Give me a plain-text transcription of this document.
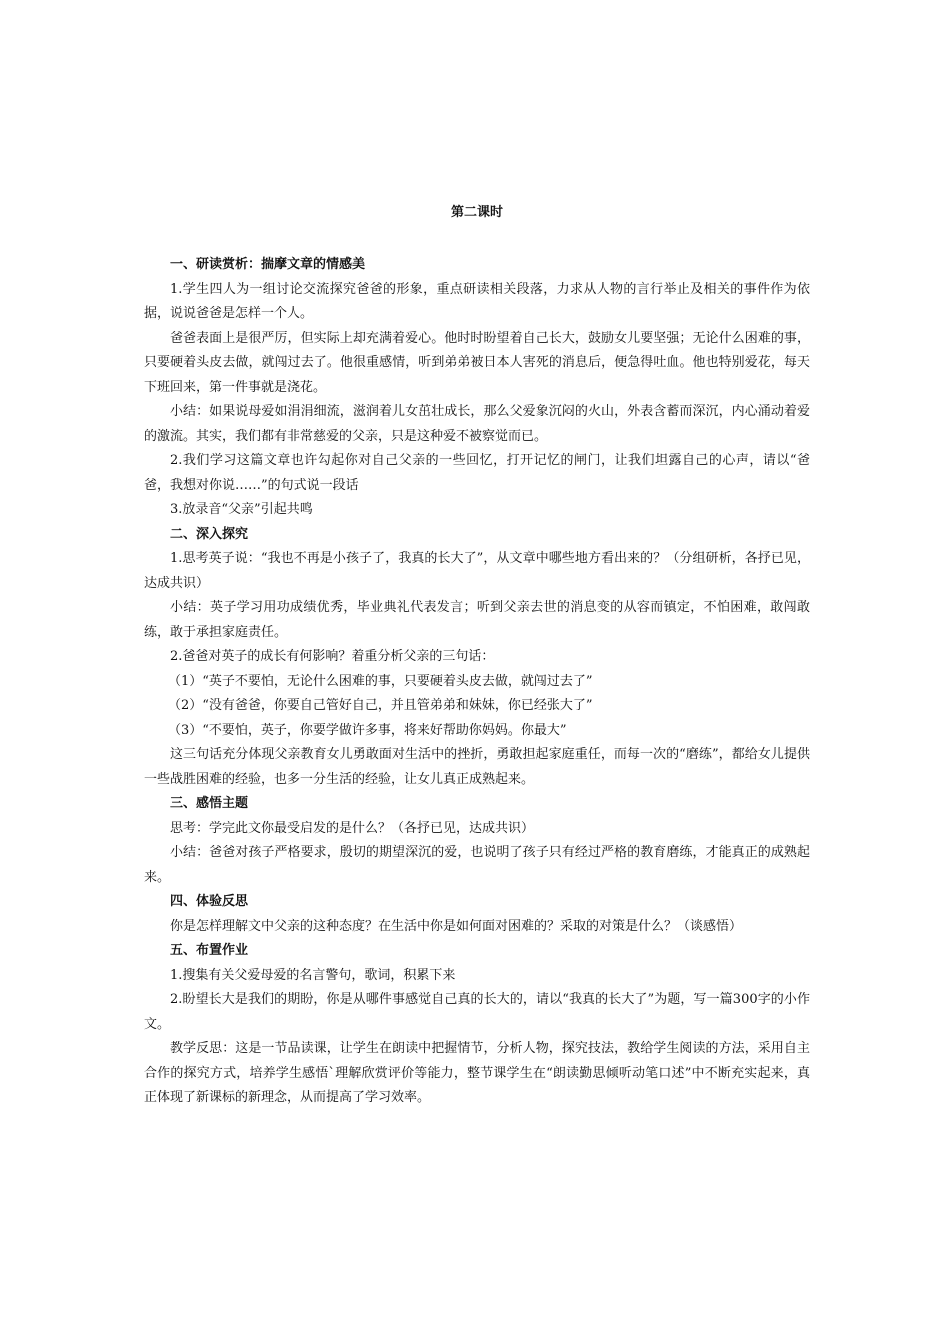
第二课时

一、研读赏析：揣摩文章的情感美

1.学生四人为一组讨论交流探究爸爸的形象，重点研读相关段落，力求从人物的言行举止及相关的事件作为依据，说说爸爸是怎样一个人。

爸爸表面上是很严厉，但实际上却充满着爱心。他时时盼望着自己长大，鼓励女儿要坚强；无论什么困难的事，只要硬着头皮去做，就闯过去了。他很重感情，听到弟弟被日本人害死的消息后，便急得吐血。他也特别爱花，每天下班回来，第一件事就是浇花。

小结：如果说母爱如涓涓细流，滋润着儿女茁壮成长，那么父爱象沉闷的火山，外表含蓄而深沉，内心涌动着爱的激流。其实，我们都有非常慈爱的父亲，只是这种爱不被察觉而已。

2.我们学习这篇文章也许勾起你对自己父亲的一些回忆，打开记忆的闸门，让我们坦露自己的心声，请以“爸爸，我想对你说……”的句式说一段话

3.放录音“父亲”引起共鸣

二、深入探究

1.思考英子说：“我也不再是小孩子了，我真的长大了”，从文章中哪些地方看出来的？（分组研析，各抒已见，达成共识）

小结：英子学习用功成绩优秀，毕业典礼代表发言；听到父亲去世的消息变的从容而镇定，不怕困难，敢闯敢练，敢于承担家庭责任。

2.爸爸对英子的成长有何影响？着重分析父亲的三句话：

（1）“英子不要怕，无论什么困难的事，只要硬着头皮去做，就闯过去了”

（2）“没有爸爸，你要自己管好自己，并且管弟弟和妹妹，你已经张大了”

（3）“不要怕，英子，你要学做许多事，将来好帮助你妈妈。你最大”

这三句话充分体现父亲教育女儿勇敢面对生活中的挫折，勇敢担起家庭重任，而每一次的“磨练”，都给女儿提供一些战胜困难的经验，也多一分生活的经验，让女儿真正成熟起来。

三、感悟主题

思考：学完此文你最受启发的是什么？（各抒已见，达成共识）

小结：爸爸对孩子严格要求，殷切的期望深沉的爱，也说明了孩子只有经过严格的教育磨练，才能真正的成熟起来。

四、体验反思

你是怎样理解文中父亲的这种态度？在生活中你是如何面对困难的？采取的对策是什么？（谈感悟）

五、布置作业

1.搜集有关父爱母爱的名言警句，歌词，积累下来

2.盼望长大是我们的期盼，你是从哪件事感觉自己真的长大的，请以“我真的长大了”为题，写一篇300字的小作文。

教学反思：这是一节品读课，让学生在朗读中把握情节，分析人物，探究技法，教给学生阅读的方法，采用自主合作的探究方式，培养学生感悟`理解欣赏评价等能力，整节课学生在“朗读勤思倾听动笔口述”中不断充实起来，真正体现了新课标的新理念，从而提高了学习效率。
